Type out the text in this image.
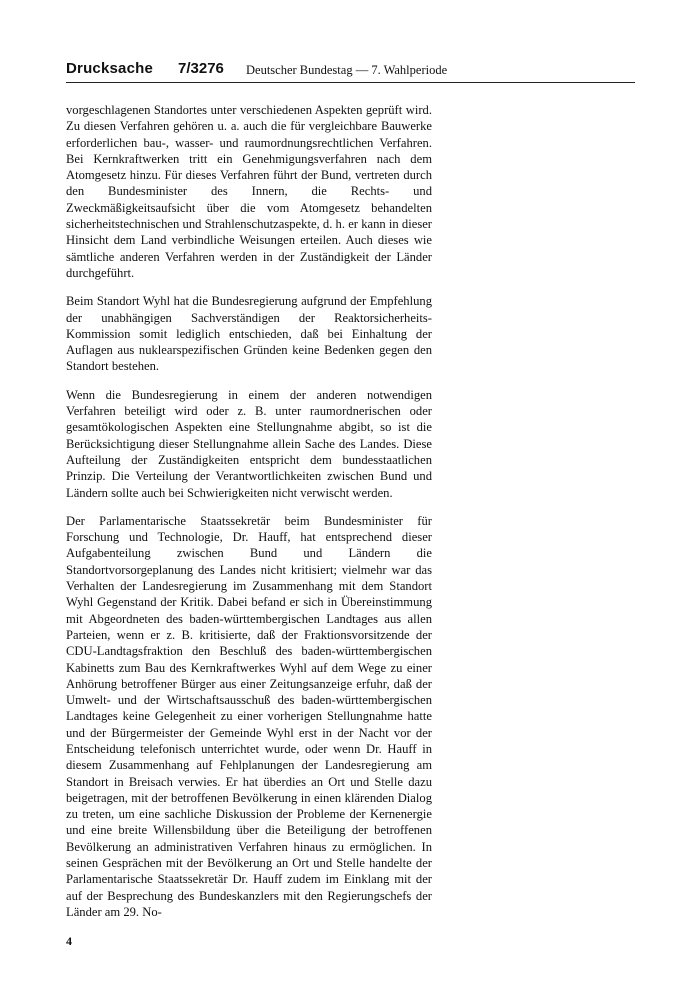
Drucksache 7/3276 Deutscher Bundestag — 7. Wahlperiode

vorgeschlagenen Standortes unter verschiedenen Aspekten geprüft wird. Zu diesen Verfahren gehören u. a. auch die für vergleichbare Bauwerke erforderlichen bau-, wasser- und raumordnungsrechtlichen Verfahren. Bei Kernkraftwerken tritt ein Genehmigungsverfahren nach dem Atomgesetz hinzu. Für dieses Verfahren führt der Bund, vertreten durch den Bundesminister des Innern, die Rechts- und Zweckmäßigkeitsaufsicht über die vom Atomgesetz behandelten sicherheitstechnischen und Strahlenschutzaspekte, d. h. er kann in dieser Hinsicht dem Land verbindliche Weisungen erteilen. Auch dieses wie sämtliche anderen Verfahren werden in der Zuständigkeit der Länder durchgeführt.

Beim Standort Wyhl hat die Bundesregierung aufgrund der Empfehlung der unabhängigen Sachverständigen der Reaktorsicherheits-Kommission somit lediglich entschieden, daß bei Einhaltung der Auflagen aus nuklearspezifischen Gründen keine Bedenken gegen den Standort bestehen.

Wenn die Bundesregierung in einem der anderen notwendigen Verfahren beteiligt wird oder z. B. unter raumordnerischen oder gesamtökologischen Aspekten eine Stellungnahme abgibt, so ist die Berücksichtigung dieser Stellungnahme allein Sache des Landes. Diese Aufteilung der Zuständigkeiten entspricht dem bundesstaatlichen Prinzip. Die Verteilung der Verantwortlichkeiten zwischen Bund und Ländern sollte auch bei Schwierigkeiten nicht verwischt werden.

Der Parlamentarische Staatssekretär beim Bundesminister für Forschung und Technologie, Dr. Hauff, hat entsprechend dieser Aufgabenteilung zwischen Bund und Ländern die Standortvorsorgeplanung des Landes nicht kritisiert; vielmehr war das Verhalten der Landesregierung im Zusammenhang mit dem Standort Wyhl Gegenstand der Kritik. Dabei befand er sich in Übereinstimmung mit Abgeordneten des baden-württembergischen Landtages aus allen Parteien, wenn er z. B. kritisierte, daß der Fraktionsvorsitzende der CDU-Landtagsfraktion den Beschluß des baden-württembergischen Kabinetts zum Bau des Kernkraftwerkes Wyhl auf dem Wege zu einer Anhörung betroffener Bürger aus einer Zeitungsanzeige erfuhr, daß der Umwelt- und der Wirtschaftsausschuß des baden-württembergischen Landtages keine Gelegenheit zu einer vorherigen Stellungnahme hatte und der Bürgermeister der Gemeinde Wyhl erst in der Nacht vor der Entscheidung telefonisch unterrichtet wurde, oder wenn Dr. Hauff in diesem Zusammenhang auf Fehlplanungen der Landesregierung am Standort in Breisach verwies. Er hat überdies an Ort und Stelle dazu beigetragen, mit der betroffenen Bevölkerung in einen klärenden Dialog zu treten, um eine sachliche Diskussion der Probleme der Kernenergie und eine breite Willensbildung über die Beteiligung der betroffenen Bevölkerung an administrativen Verfahren hinaus zu ermöglichen. In seinen Gesprächen mit der Bevölkerung an Ort und Stelle handelte der Parlamentarische Staatssekretär Dr. Hauff zudem im Einklang mit der auf der Besprechung des Bundeskanzlers mit den Regierungschefs der Länder am 29. No-

4
